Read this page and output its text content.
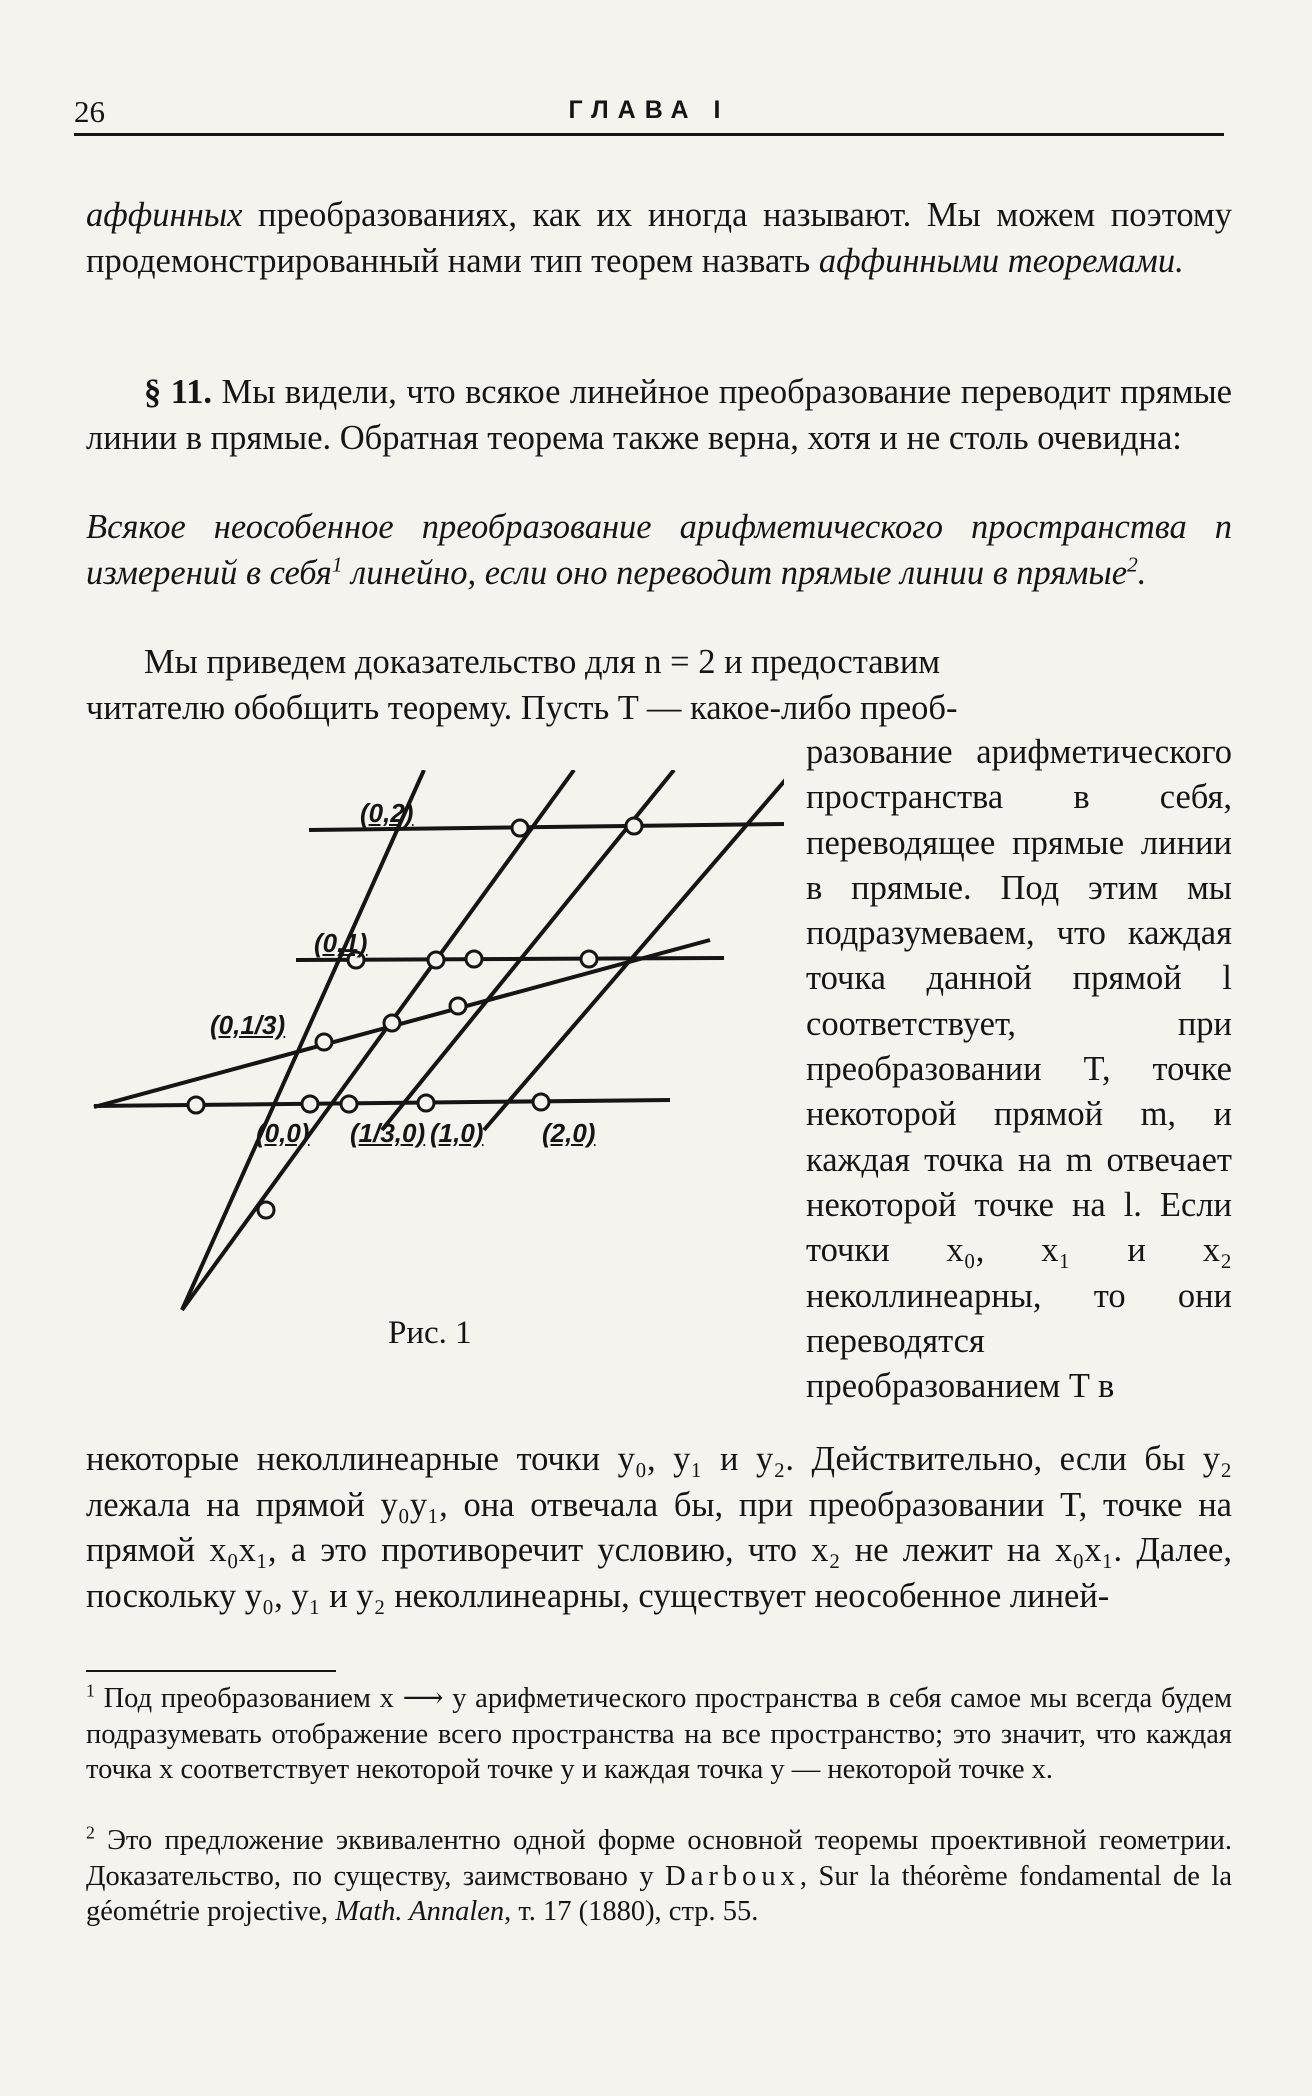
26	ГЛАВА I
аффинных преобразованиях, как их иногда называют. Мы можем поэтому продемонстрированный нами тип теорем назвать аффинными теоремами.
§ 11. Мы видели, что всякое линейное преобразование переводит прямые линии в прямые. Обратная теорема также верна, хотя и не столь очевидна:
Всякое неособенное преобразование арифметического пространства n измерений в себя$^1$ линейно, если оно переводит прямые линии в прямые$^2$.
Мы приведем доказательство для n = 2 и предоставим
читателю обобщить теорему. Пусть T — какое-либо преоб-
разование арифметического пространства в себя, переводящее прямые линии в прямые. Под этим мы подразумеваем, что каждая точка данной прямой l соответствует, при преобразовании T, точке некоторой прямой m, и каждая точка на m отвечает некоторой точке на l. Если точки x₀, x₁ и x₂ неколлинеарны, то они переводятся преобразованием T в
(0,2)
(0,1)
(0,1/3)
(0,0) (1/3,0) (1,0) (2,0)
Рис. 1
некоторые неколлинеарные точки y₀, y₁ и y₂. Действительно, если бы y₂ лежала на прямой y₀y₁, она отвечала бы, при преобразовании T, точке на прямой x₀x₁, а это противоречит условию, что x₂ не лежит на x₀x₁. Далее, поскольку y₀, y₁ и y₂ неколлинеарны, существует неособенное линей-
$^1$ Под преобразованием x ⟶ y арифметического пространства в себя самое мы всегда будем подразумевать отображение всего пространства на все пространство; это значит, что каждая точка x соответствует некоторой точке y и каждая точка y — некоторой точке x.
$^2$ Это предложение эквивалентно одной форме основной теоремы проективной геометрии. Доказательство, по существу, заимствовано у Darboux, Sur la théorème fondamental de la géométrie projective, Math. Annalen, т. 17 (1880), стр. 55.
